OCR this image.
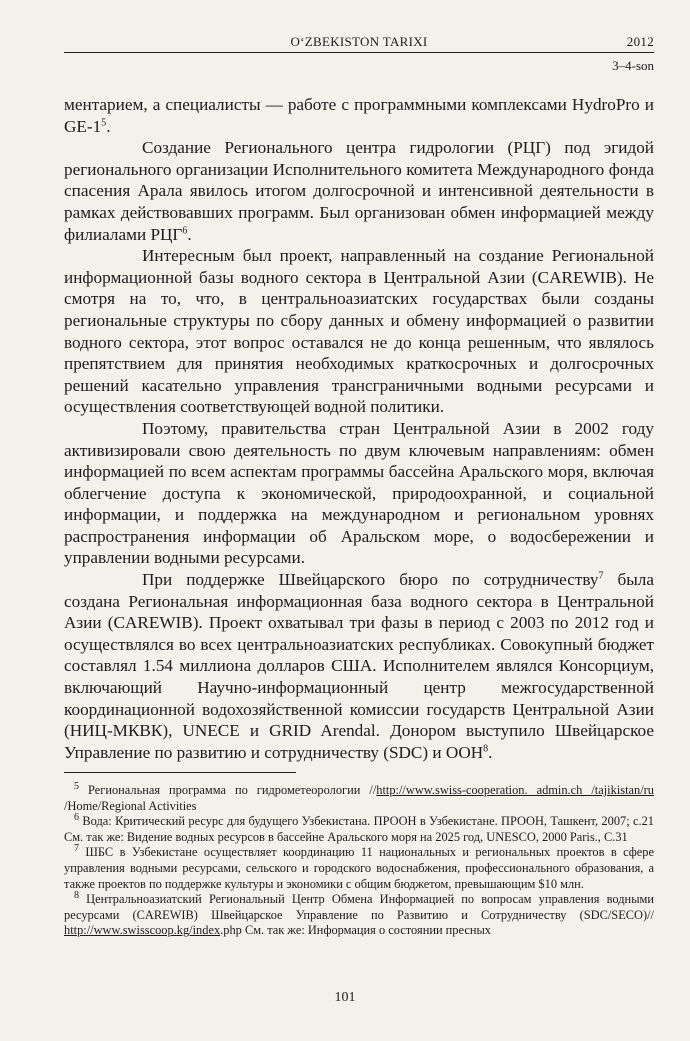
O‘ZBEKISTON TARIXI	2012
3–4-son

ментарием, а специалисты — работе с программными комплексами HydroPro и $GE-1^5$.

Создание Регионального центра гидрологии (РЦГ) под эгидой регионального организации Исполнительного комитета Международного фонда спасения Арала явилось итогом долгосрочной и интенсивной деятельности в рамках действовавших программ. Был организован обмен информацией между филиалами РЦГ$^6$.

Интересным был проект, направленный на создание Региональной информационной базы водного сектора в Центральной Азии (CAREWIB). Не смотря на то, что, в центральноазиатских государствах были созданы региональные структуры по сбору данных и обмену информацией о развитии водного сектора, этот вопрос оставался не до конца решенным, что являлось препятствием для принятия необходимых краткосрочных и долгосрочных решений касательно управления трансграничными водными ресурсами и осуществления соответствующей водной политики.

Поэтому, правительства стран Центральной Азии в 2002 году активизировали свою деятельность по двум ключевым направлениям: обмен информацией по всем аспектам программы бассейна Аральского моря, включая облегчение доступа к экономической, природоохранной, и социальной информации, и поддержка на международном и региональном уровнях распространения информации об Аральском море, о водосбережении и управлении водными ресурсами.

При поддержке Швейцарского бюро по сотрудничеству$^7$ была создана Региональная информационная база водного сектора в Центральной Азии (CAREWIB). Проект охватывал три фазы в период с 2003 по 2012 год и осуществлялся во всех центральноазиатских республиках. Совокупный бюджет составлял 1.54 миллиона долларов США. Исполнителем являлся Консорциум, включающий Научно-информационный центр межгосударственной координационной водохозяйственной комиссии государств Центральной Азии (НИЦ-МКВК), UNECE и GRID Arendal. Донором выступило Швейцарское Управление по развитию и сотрудничеству (SDC) и ООН$^8$.

$^5$ Региональная программа по гидрометеорологии //http://www.swiss-cooperation. admin.ch /tajikistan/ru /Home/Regional Activities

$^6$ Вода: Критический ресурс для будущего Узбекистана. ПРООН в Узбекистане. ПРООН, Ташкент, 2007; с.21 См. так же: Видение водных ресурсов в бассейне Аральского моря на 2025 год, UNESCO, 2000 Paris., С.31

$^7$ ШБС в Узбекистане осуществляет координацию 11 национальных и региональных проектов в сфере управления водными ресурсами, сельского и городского водоснабжения, профессионального образования, а также проектов по поддержке культуры и экономики с общим бюджетом, превышающим $10 млн.

$^8$ Центральноазиатский Региональный Центр Обмена Информацией по вопросам управления водными ресурсами (CAREWIB) Швейцарское Управление по Развитию и Сотрудничеству (SDC/SECO)// http://www.swisscoop.kg/index.php См. так же: Информация о состоянии пресных

101
